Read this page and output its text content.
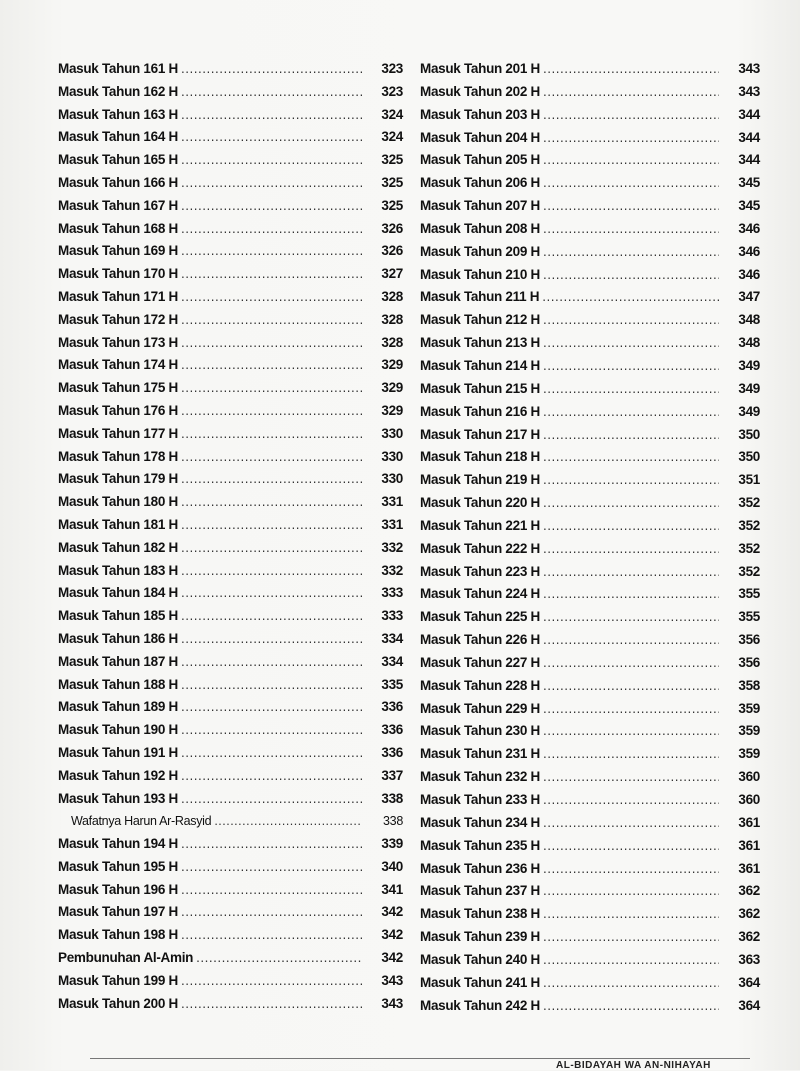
Masuk Tahun 161 H .....	323
Masuk Tahun 162 H .....	323
Masuk Tahun 163 H .....	324
Masuk Tahun 164 H .....	324
Masuk Tahun 165 H .....	325
Masuk Tahun 166 H .....	325
Masuk Tahun 167 H .....	325
Masuk Tahun 168 H .....	326
Masuk Tahun 169 H .....	326
Masuk Tahun 170 H .....	327
Masuk Tahun 171 H .....	328
Masuk Tahun 172 H .....	328
Masuk Tahun 173 H .....	328
Masuk Tahun 174 H .....	329
Masuk Tahun 175 H .....	329
Masuk Tahun 176 H .....	329
Masuk Tahun 177 H .....	330
Masuk Tahun 178 H .....	330
Masuk Tahun 179 H .....	330
Masuk Tahun 180 H .....	331
Masuk Tahun 181 H .....	331
Masuk Tahun 182 H .....	332
Masuk Tahun 183 H .....	332
Masuk Tahun 184 H .....	333
Masuk Tahun 185 H .....	333
Masuk Tahun 186 H .....	334
Masuk Tahun 187 H .....	334
Masuk Tahun 188 H .....	335
Masuk Tahun 189 H .....	336
Masuk Tahun 190 H .....	336
Masuk Tahun 191 H .....	336
Masuk Tahun 192 H .....	337
Masuk Tahun 193 H .....	338
Wafatnya Harun Ar-Rasyid .....	338
Masuk Tahun 194 H .....	339
Masuk Tahun 195 H .....	340
Masuk Tahun 196 H .....	341
Masuk Tahun 197 H .....	342
Masuk Tahun 198 H .....	342
Pembunuhan Al-Amin .....	342
Masuk Tahun 199 H .....	343
Masuk Tahun 200 H .....	343
Masuk Tahun 201 H .....	343
Masuk Tahun 202 H .....	343
Masuk Tahun 203 H .....	344
Masuk Tahun 204 H .....	344
Masuk Tahun 205 H .....	344
Masuk Tahun 206 H .....	345
Masuk Tahun 207 H .....	345
Masuk Tahun 208 H .....	346
Masuk Tahun 209 H .....	346
Masuk Tahun 210 H .....	346
Masuk Tahun 211 H .....	347
Masuk Tahun 212 H .....	348
Masuk Tahun 213 H .....	348
Masuk Tahun 214 H .....	349
Masuk Tahun 215 H .....	349
Masuk Tahun 216 H .....	349
Masuk Tahun 217 H .....	350
Masuk Tahun 218 H .....	350
Masuk Tahun 219 H .....	351
Masuk Tahun 220 H .....	352
Masuk Tahun 221 H .....	352
Masuk Tahun 222 H .....	352
Masuk Tahun 223 H .....	352
Masuk Tahun 224 H .....	355
Masuk Tahun 225 H .....	355
Masuk Tahun 226 H .....	356
Masuk Tahun 227 H .....	356
Masuk Tahun 228 H .....	358
Masuk Tahun 229 H .....	359
Masuk Tahun 230 H .....	359
Masuk Tahun 231 H .....	359
Masuk Tahun 232 H .....	360
Masuk Tahun 233 H .....	360
Masuk Tahun 234 H .....	361
Masuk Tahun 235 H .....	361
Masuk Tahun 236 H .....	361
Masuk Tahun 237 H .....	362
Masuk Tahun 238 H .....	362
Masuk Tahun 239 H .....	362
Masuk Tahun 240 H .....	363
Masuk Tahun 241 H .....	364
Masuk Tahun 242 H .....	364
AL-BIDAYAH WA AN-NIHAYAH
